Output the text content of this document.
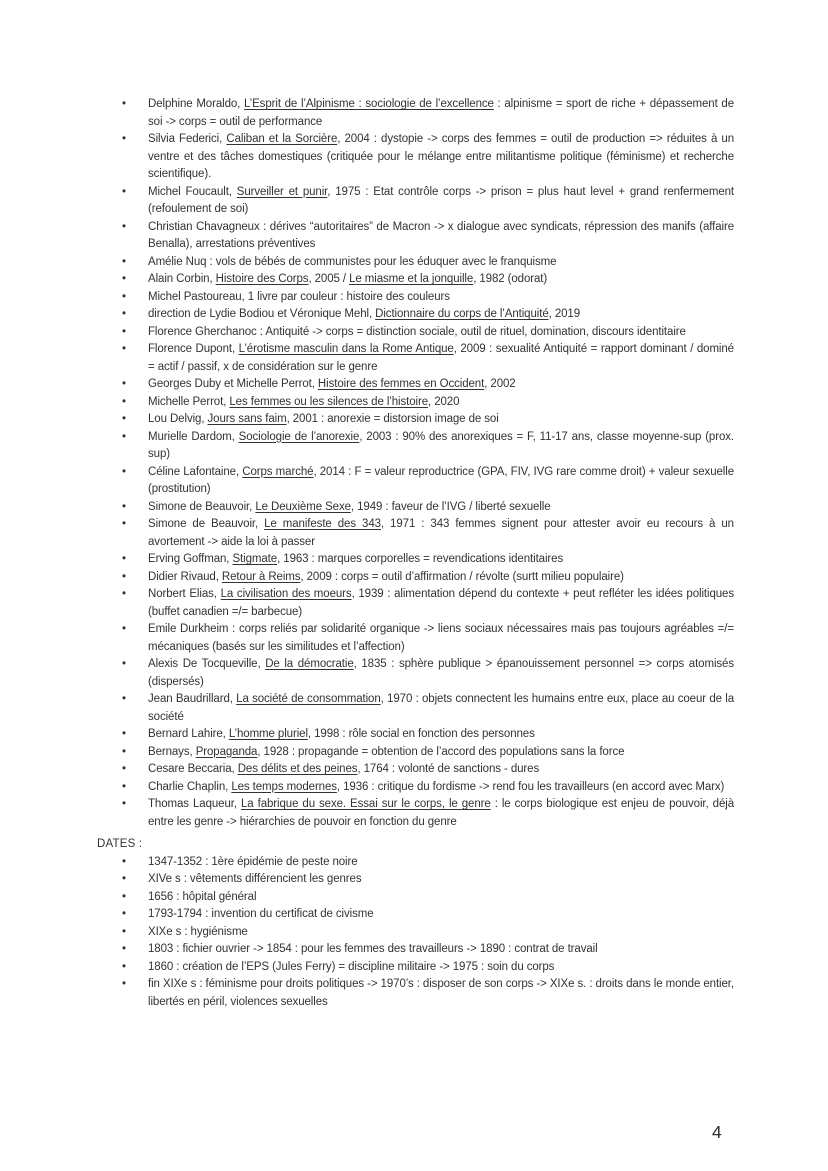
• Delphine Moraldo, L’Esprit de l’Alpinisme : sociologie de l’excellence : alpinisme = sport de riche + dépassement de soi -> corps = outil de performance
• Silvia Federici, Caliban et la Sorcière, 2004 : dystopie -> corps des femmes = outil de production => réduites à un ventre et des tâches domestiques (critiquée pour le mélange entre militantisme politique (féminisme) et recherche scientifique).
• Michel Foucault, Surveiller et punir, 1975 : Etat contrôle corps -> prison = plus haut level + grand renfermement (refoulement de soi)
• Christian Chavagneux : dérives “autoritaires” de Macron -> x dialogue avec syndicats, répression des manifs (affaire Benalla), arrestations préventives
• Amélie Nuq : vols de bébés de communistes pour les éduquer avec le franquisme
• Alain Corbin, Histoire des Corps, 2005 / Le miasme et la jonquille, 1982 (odorat)
• Michel Pastoureau, 1 livre par couleur : histoire des couleurs
• direction de Lydie Bodiou et Véronique Mehl, Dictionnaire du corps de l’Antiquité, 2019
• Florence Gherchanoc : Antiquité -> corps = distinction sociale, outil de rituel, domination, discours identitaire
• Florence Dupont, L’érotisme masculin dans la Rome Antique, 2009 : sexualité Antiquité = rapport dominant / dominé = actif / passif, x de considération sur le genre
• Georges Duby et Michelle Perrot, Histoire des femmes en Occident, 2002
• Michelle Perrot, Les femmes ou les silences de l’histoire, 2020
• Lou Delvig, Jours sans faim, 2001 : anorexie = distorsion image de soi
• Murielle Dardom, Sociologie de l’anorexie, 2003 : 90% des anorexiques = F, 11-17 ans, classe moyenne-sup (prox. sup)
• Céline Lafontaine, Corps marché, 2014 : F = valeur reproductrice (GPA, FIV, IVG rare comme droit) + valeur sexuelle (prostitution)
• Simone de Beauvoir, Le Deuxième Sexe, 1949 : faveur de l’IVG / liberté sexuelle
• Simone de Beauvoir, Le manifeste des 343, 1971 : 343 femmes signent pour attester avoir eu recours à un avortement -> aide la loi à passer
• Erving Goffman, Stigmate, 1963 : marques corporelles = revendications identitaires
• Didier Rivaud, Retour à Reims, 2009 : corps = outil d’affirmation / révolte (surtt milieu populaire)
• Norbert Elias, La civilisation des moeurs, 1939 : alimentation dépend du contexte + peut refléter les idées politiques (buffet canadien =/= barbecue)
• Emile Durkheim : corps reliés par solidarité organique -> liens sociaux nécessaires mais pas toujours agréables =/= mécaniques (basés sur les similitudes et l’affection)
• Alexis De Tocqueville, De la démocratie, 1835 : sphère publique > épanouissement personnel => corps atomisés (dispersés)
• Jean Baudrillard, La société de consommation, 1970 : objets connectent les humains entre eux, place au coeur de la société
• Bernard Lahire, L’homme pluriel, 1998 : rôle social en fonction des personnes
• Bernays, Propaganda, 1928 : propagande = obtention de l’accord des populations sans la force
• Cesare Beccaria, Des délits et des peines, 1764 : volonté de sanctions - dures
• Charlie Chaplin, Les temps modernes, 1936 : critique du fordisme -> rend fou les travailleurs (en accord avec Marx)
• Thomas Laqueur, La fabrique du sexe. Essai sur le corps, le genre : le corps biologique est enjeu de pouvoir, déjà entre les genre -> hiérarchies de pouvoir en fonction du genre
DATES :
• 1347-1352 : 1ère épidémie de peste noire
• XIVe s : vêtements différencient les genres
• 1656 : hôpital général
• 1793-1794 : invention du certificat de civisme
• XIXe s : hygiénisme
• 1803 : fichier ouvrier -> 1854 : pour les femmes des travailleurs -> 1890 : contrat de travail
• 1860 : création de l’EPS (Jules Ferry) = discipline militaire -> 1975 : soin du corps
• fin XIXe s : féminisme pour droits politiques -> 1970’s : disposer de son corps -> XIXe s. : droits dans le monde entier, libertés en péril, violences sexuelles
4
